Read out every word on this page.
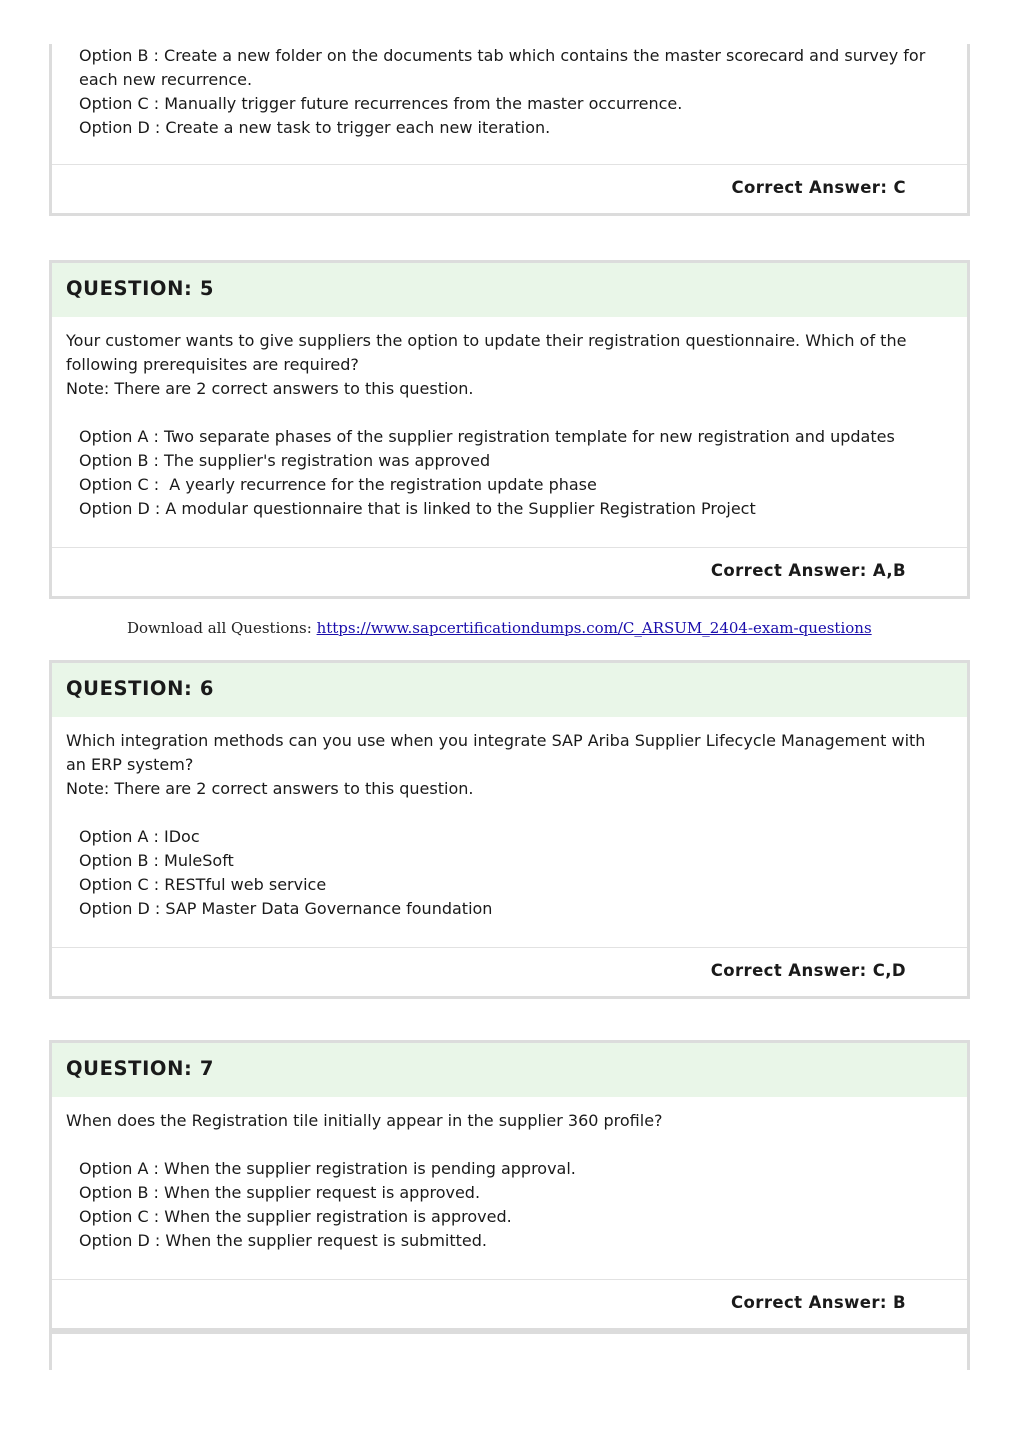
Option B : Create a new folder on the documents tab which contains the master scorecard and survey for
each new recurrence.
Option C : Manually trigger future recurrences from the master occurrence.
Option D : Create a new task to trigger each new iteration.
Correct Answer: C
QUESTION: 5
Your customer wants to give suppliers the option to update their registration questionnaire. Which of the
following prerequisites are required?
Note: There are 2 correct answers to this question.
Option A : Two separate phases of the supplier registration template for new registration and updates
Option B : The supplier's registration was approved
Option C :  A yearly recurrence for the registration update phase
Option D : A modular questionnaire that is linked to the Supplier Registration Project
Correct Answer: A,B
Download all Questions: https://www.sapcertificationdumps.com/C_ARSUM_2404-exam-questions
QUESTION: 6
Which integration methods can you use when you integrate SAP Ariba Supplier Lifecycle Management with
an ERP system?
Note: There are 2 correct answers to this question.
Option A : IDoc
Option B : MuleSoft
Option C : RESTful web service
Option D : SAP Master Data Governance foundation
Correct Answer: C,D
QUESTION: 7
When does the Registration tile initially appear in the supplier 360 profile?
Option A : When the supplier registration is pending approval.
Option B : When the supplier request is approved.
Option C : When the supplier registration is approved.
Option D : When the supplier request is submitted.
Correct Answer: B
